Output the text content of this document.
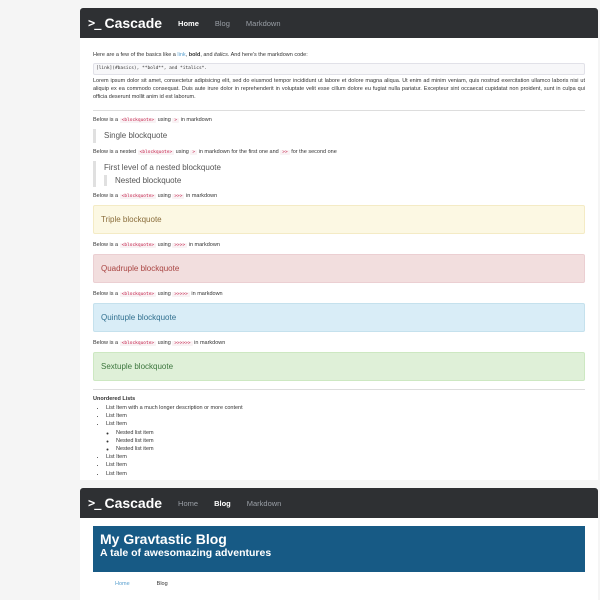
>_ Cascade Home Blog Markdown
Here are a few of the basics like a link, bold, and italics. And here's the markdown code:
[link](#basics), **bold**, and *italics*.

Lorem ipsum dolor sit amet, consectetur adipisicing elit, sed do eiusmod tempor incididunt ut labore et dolore magna aliqua. Ut enim ad minim veniam, quis nostrud exercitation ullamco laboris nisi ut aliquip ex ea commodo consequat. Duis aute irure dolor in reprehenderit in voluptate velit esse cillum dolore eu fugiat nulla pariatur. Excepteur sint occaecat cupidatat non proident, sunt in culpa qui officia deserunt mollit anim id est laborum.

Below is a <blockquote> using > in markdown
Single blockquote
Below is a nested <blockquote> using > in markdown for the first one and >> for the second one
First level of a nested blockquote
Nested blockquote
Below is a <blockquote> using >>> in markdown
Triple blockquote
Below is a <blockquote> using >>>> in markdown
Quadruple blockquote
Below is a <blockquote> using >>>>> in markdown
Quintuple blockquote
Below is a <blockquote> using >>>>>> in markdown
Sextuple blockquote
Unordered Lists
• List Item with a much longer description or more content
• List Item
• List Item
◦ Nested list item
◦ Nested list item
◦ Nested list item
• List Item
• List Item
• List Item
>_ Cascade Home Blog Markdown
My Gravtastic Blog
A tale of awesomazing adventures
Home	Blog
